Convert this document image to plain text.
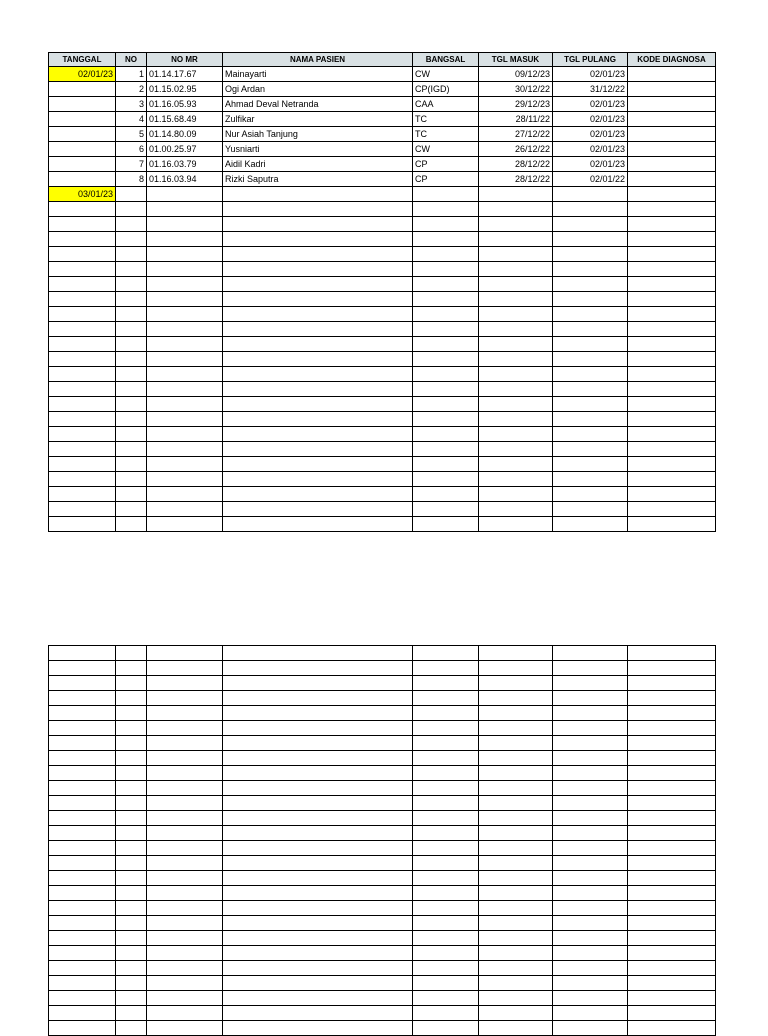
TANGGAL	NO	NO MR	NAMA PASIEN	BANGSAL	TGL MASUK	TGL PULANG	KODE DIAGNOSA
02/01/23	1	01.14.17.67	Mainayarti	CW	09/12/23	02/01/23	
	2	01.15.02.95	Ogi Ardan	CP(IGD)	30/12/22	31/12/22	
	3	01.16.05.93	Ahmad Deval Netranda	CAA	29/12/23	02/01/23	
	4	01.15.68.49	Zulfikar	TC	28/11/22	02/01/23	
	5	01.14.80.09	Nur Asiah Tanjung	TC	27/12/22	02/01/23	
	6	01.00.25.97	Yusniarti	CW	26/12/22	02/01/23	
	7	01.16.03.79	Aidil Kadri	CP	28/12/22	02/01/23	
	8	01.16.03.94	Rizki Saputra	CP	28/12/22	02/01/22	
03/01/23							
